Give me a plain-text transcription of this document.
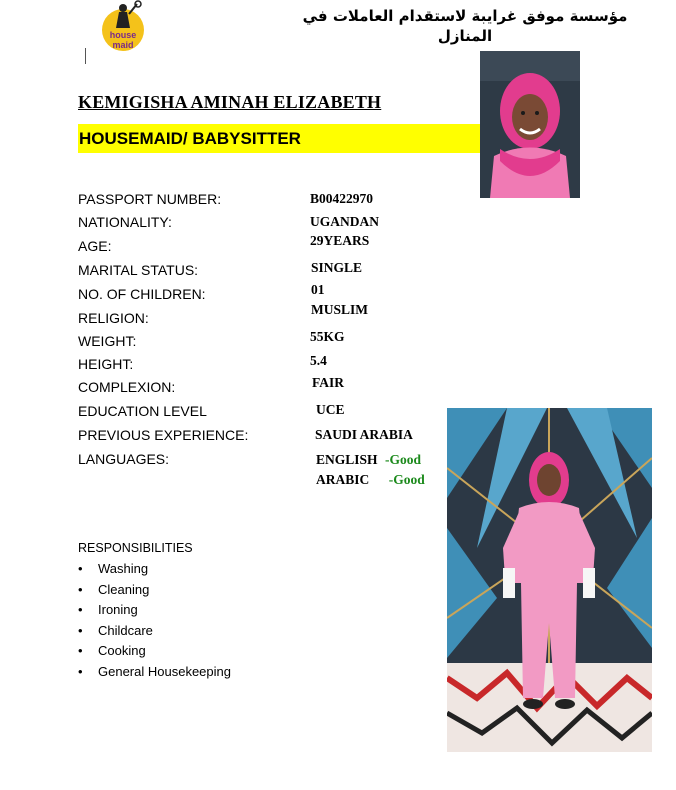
house
maid
مؤسسة موفق غرايبة لاستقدام العاملات في
المنازل
KEMIGISHA AMINAH ELIZABETH
HOUSEMAID/ BABYSITTER
PASSPORT NUMBER:	B00422970
NATIONALITY:	UGANDAN
AGE:	29YEARS
MARITAL STATUS:	SINGLE
NO. OF CHILDREN:	01
RELIGION:
MUSLIM
WEIGHT:	55KG
HEIGHT:	5.4
COMPLEXION:	FAIR
EDUCATION LEVEL	UCE
PREVIOUS EXPERIENCE:	SAUDI ARABIA
LANGUAGES:	ENGLISH -Good
ARABIC -Good
RESPONSIBILITIES
• Washing
• Cleaning
• Ironing
• Childcare
• Cooking
• General Housekeeping
